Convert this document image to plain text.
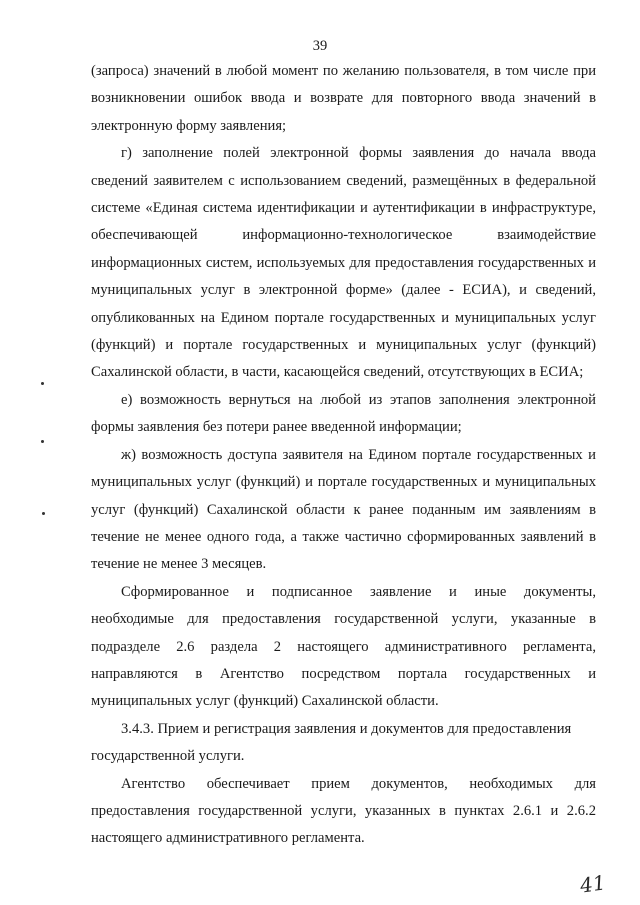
39

(запроса) значений в любой момент по желанию пользователя, в том числе при возникновении ошибок ввода и возврате для повторного ввода значений в электронную форму заявления;

г) заполнение полей электронной формы заявления до начала ввода сведений заявителем с использованием сведений, размещённых в федеральной системе «Единая система идентификации и аутентификации в инфраструктуре, обеспечивающей информационно-технологическое взаимодействие информационных систем, используемых для предоставления государственных и муниципальных услуг в электронной форме» (далее - ЕСИА), и сведений, опубликованных на Едином портале государственных и муниципальных услуг (функций) и портале государственных и муниципальных услуг (функций) Сахалинской области, в части, касающейся сведений, отсутствующих в ЕСИА;

е) возможность вернуться на любой из этапов заполнения электронной формы заявления без потери ранее введенной информации;

ж) возможность доступа заявителя на Едином портале государственных и муниципальных услуг (функций) и портале государственных и муниципальных услуг (функций) Сахалинской области к ранее поданным им заявлениям в течение не менее одного года, а также частично сформированных заявлений в течение не менее 3 месяцев.

Сформированное и подписанное заявление и иные документы, необходимые для предоставления государственной услуги, указанные в подразделе 2.6 раздела 2 настоящего административного регламента, направляются в Агентство посредством портала государственных и муниципальных услуг (функций) Сахалинской области.

3.4.3. Прием и регистрация заявления и документов для предоставления государственной услуги.

Агентство обеспечивает прием документов, необходимых для предоставления государственной услуги, указанных в пунктах 2.6.1 и 2.6.2 настоящего административного регламента.

41
